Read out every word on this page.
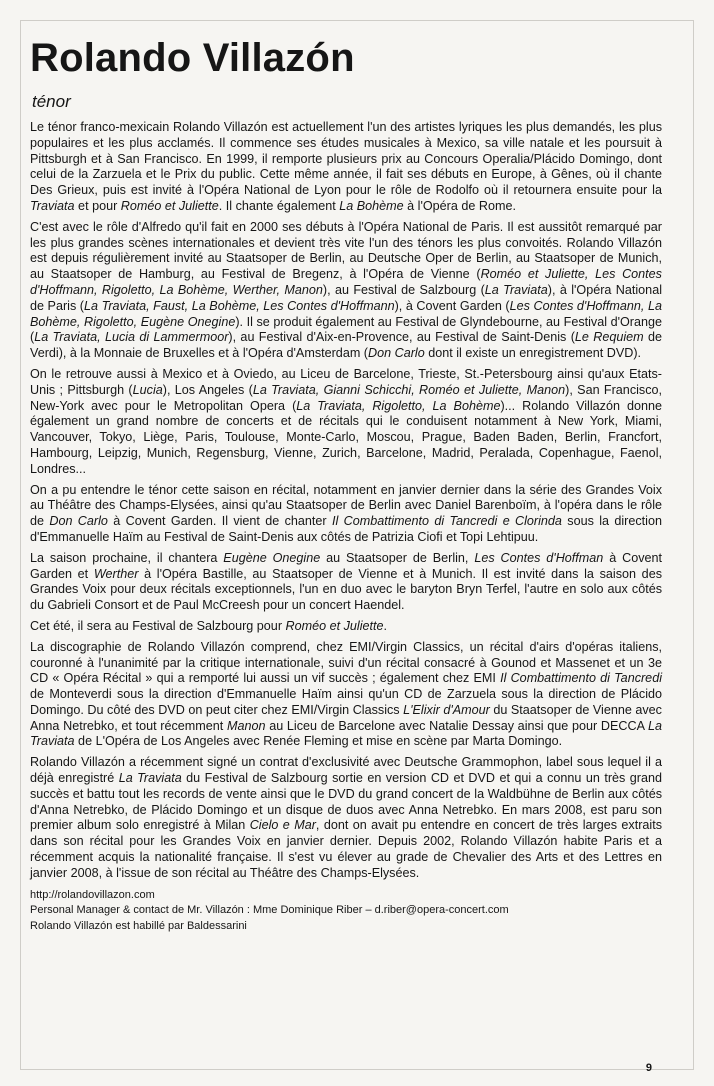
Rolando Villazón
ténor

Le ténor franco-mexicain Rolando Villazón est actuellement l'un des artistes lyriques les plus demandés, les plus populaires et les plus acclamés. Il commence ses études musicales à Mexico, sa ville natale et les poursuit à Pittsburgh et à San Francisco. En 1999, il remporte plusieurs prix au Concours Operalia/Plácido Domingo, dont celui de la Zarzuela et le Prix du public. Cette même année, il fait ses débuts en Europe, à Gênes, où il chante Des Grieux, puis est invité à l'Opéra National de Lyon pour le rôle de Rodolfo où il retournera ensuite pour la Traviata et pour Roméo et Juliette. Il chante également La Bohème à l'Opéra de Rome.

C'est avec le rôle d'Alfredo qu'il fait en 2000 ses débuts à l'Opéra National de Paris. Il est aussitôt remarqué par les plus grandes scènes internationales et devient très vite l'un des ténors les plus convoités. Rolando Villazón est depuis régulièrement invité au Staatsoper de Berlin, au Deutsche Oper de Berlin, au Staatsoper de Munich, au Staatsoper de Hamburg, au Festival de Bregenz, à l'Opéra de Vienne (Roméo et Juliette, Les Contes d'Hoffmann, Rigoletto, La Bohème, Werther, Manon), au Festival de Salzbourg (La Traviata), à l'Opéra National de Paris (La Traviata, Faust, La Bohème, Les Contes d'Hoffmann), à Covent Garden (Les Contes d'Hoffmann, La Bohème, Rigoletto, Eugène Onegine). Il se produit également au Festival de Glyndebourne, au Festival d'Orange (La Traviata, Lucia di Lammermoor), au Festival d'Aix-en-Provence, au Festival de Saint-Denis (Le Requiem de Verdi), à la Monnaie de Bruxelles et à l'Opéra d'Amsterdam (Don Carlo dont il existe un enregistrement DVD).

On le retrouve aussi à Mexico et à Oviedo, au Liceu de Barcelone, Trieste, St.-Petersbourg ainsi qu'aux Etats-Unis ; Pittsburgh (Lucia), Los Angeles (La Traviata, Gianni Schicchi, Roméo et Juliette, Manon), San Francisco, New-York avec pour le Metropolitan Opera (La Traviata, Rigoletto, La Bohème)... Rolando Villazón donne également un grand nombre de concerts et de récitals qui le conduisent notamment à New York, Miami, Vancouver, Tokyo, Liège, Paris, Toulouse, Monte-Carlo, Moscou, Prague, Baden Baden, Berlin, Francfort, Hambourg, Leipzig, Munich, Regensburg, Vienne, Zurich, Barcelone, Madrid, Peralada, Copenhague, Faenol, Londres...

On a pu entendre le ténor cette saison en récital, notamment en janvier dernier dans la série des Grandes Voix au Théâtre des Champs-Elysées, ainsi qu'au Staatsoper de Berlin avec Daniel Barenboïm, à l'opéra dans le rôle de Don Carlo à Covent Garden. Il vient de chanter Il Combattimento di Tancredi e Clorinda sous la direction d'Emmanuelle Haïm au Festival de Saint-Denis aux côtés de Patrizia Ciofi et Topi Lehtipuu.

La saison prochaine, il chantera Eugène Onegine au Staatsoper de Berlin, Les Contes d'Hoffman à Covent Garden et Werther à l'Opéra Bastille, au Staatsoper de Vienne et à Munich. Il est invité dans la saison des Grandes Voix pour deux récitals exceptionnels, l'un en duo avec le baryton Bryn Terfel, l'autre en solo aux côtés du Gabrieli Consort et de Paul McCreesh pour un concert Haendel.

Cet été, il sera au Festival de Salzbourg pour Roméo et Juliette.

La discographie de Rolando Villazón comprend, chez EMI/Virgin Classics, un récital d'airs d'opéras italiens, couronné à l'unanimité par la critique internationale, suivi d'un récital consacré à Gounod et Massenet et un 3e CD « Opéra Récital » qui a remporté lui aussi un vif succès ; également chez EMI Il Combattimento di Tancredi de Monteverdi sous la direction d'Emmanuelle Haïm ainsi qu'un CD de Zarzuela sous la direction de Plácido Domingo. Du côté des DVD on peut citer chez EMI/Virgin Classics L'Elixir d'Amour du Staatsoper de Vienne avec Anna Netrebko, et tout récemment Manon au Liceu de Barcelone avec Natalie Dessay ainsi que pour DECCA La Traviata de L'Opéra de Los Angeles avec Renée Fleming et mise en scène par Marta Domingo.

Rolando Villazón a récemment signé un contrat d'exclusivité avec Deutsche Grammophon, label sous lequel il a déjà enregistré La Traviata du Festival de Salzbourg sortie en version CD et DVD et qui a connu un très grand succès et battu tout les records de vente ainsi que le DVD du grand concert de la Waldbühne de Berlin aux côtés d'Anna Netrebko, de Plácido Domingo et un disque de duos avec Anna Netrebko. En mars 2008, est paru son premier album solo enregistré à Milan Cielo e Mar, dont on avait pu entendre en concert de très larges extraits dans son récital pour les Grandes Voix en janvier dernier. Depuis 2002, Rolando Villazón habite Paris et a récemment acquis la nationalité française. Il s'est vu élever au grade de Chevalier des Arts et des Lettres en janvier 2008, à l'issue de son récital au Théâtre des Champs-Elysées.

http://rolandovillazon.com

Personal Manager & contact de Mr. Villazón : Mme Dominique Riber – d.riber@opera-concert.com

Rolando Villazón est habillé par Baldessarini

9
